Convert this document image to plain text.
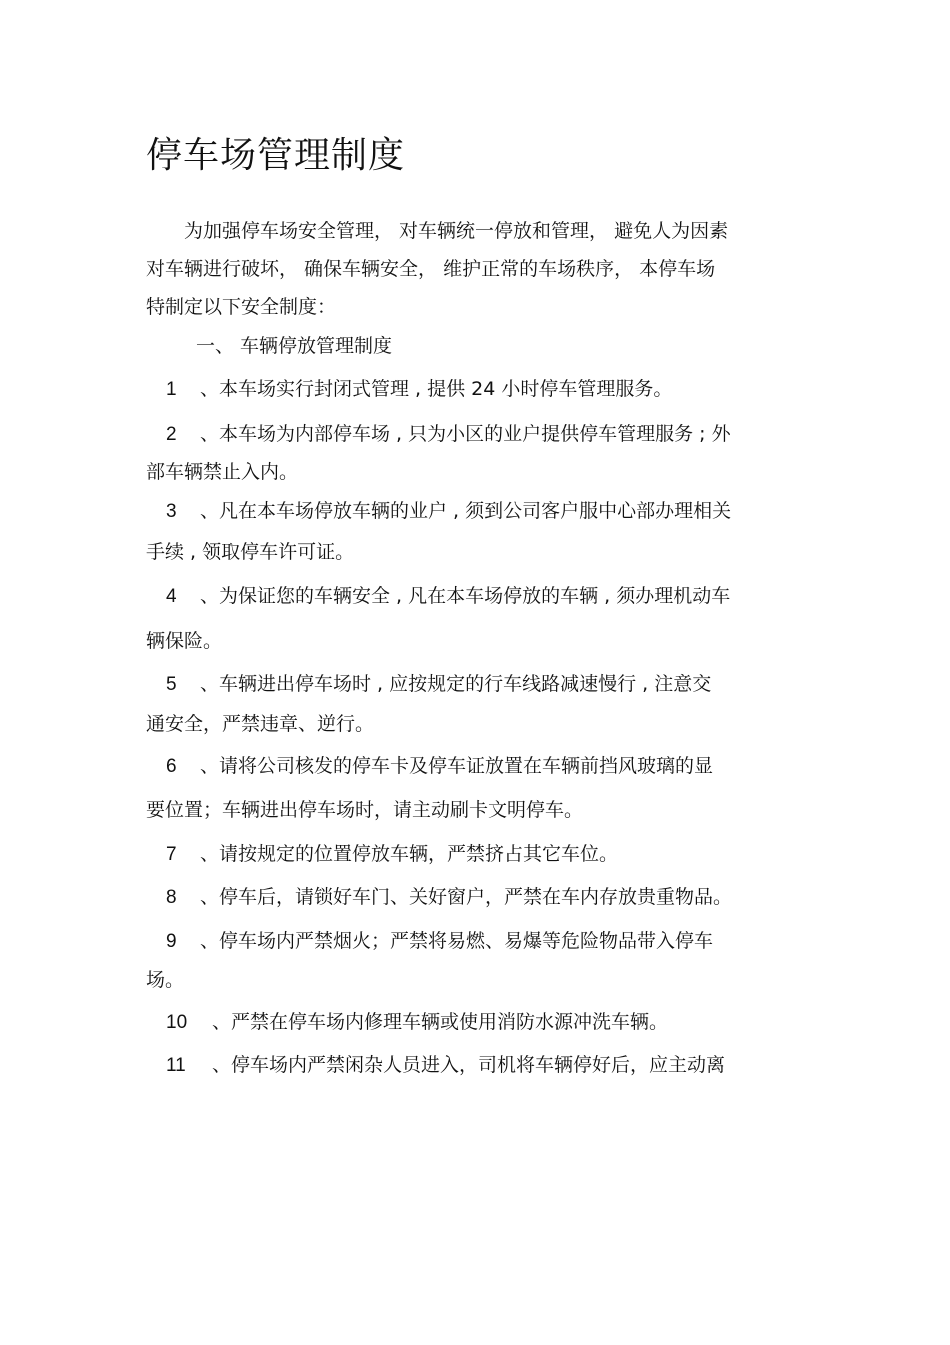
停车场管理制度
为加强停车场安全管理， 对车辆统一停放和管理， 避免人为因素
对车辆进行破坏， 确保车辆安全， 维护正常的车场秩序， 本停车场
特制定以下安全制度：
一、 车辆停放管理制度
1 、本车场实行封闭式管理 , 提供 24 小时停车管理服务。
2 、本车场为内部停车场 , 只为小区的业户提供停车管理服务 ; 外
部车辆禁止入内。
3 、凡在本车场停放车辆的业户 , 须到公司客户服中心部办理相关
手续 , 领取停车许可证。
4 、为保证您的车辆安全 , 凡在本车场停放的车辆 , 须办理机动车
辆保险。
5 、车辆进出停车场时 , 应按规定的行车线路减速慢行 , 注意交
通安全，严禁违章、逆行。
6 、请将公司核发的停车卡及停车证放置在车辆前挡风玻璃的显
要位置；车辆进出停车场时，请主动刷卡文明停车。
7 、请按规定的位置停放车辆，严禁挤占其它车位。
8 、停车后，请锁好车门、关好窗户，严禁在车内存放贵重物品。
9 、停车场内严禁烟火；严禁将易燃、易爆等危险物品带入停车
场。
10 、严禁在停车场内修理车辆或使用消防水源冲洗车辆。
11 、停车场内严禁闲杂人员进入，司机将车辆停好后，应主动离
